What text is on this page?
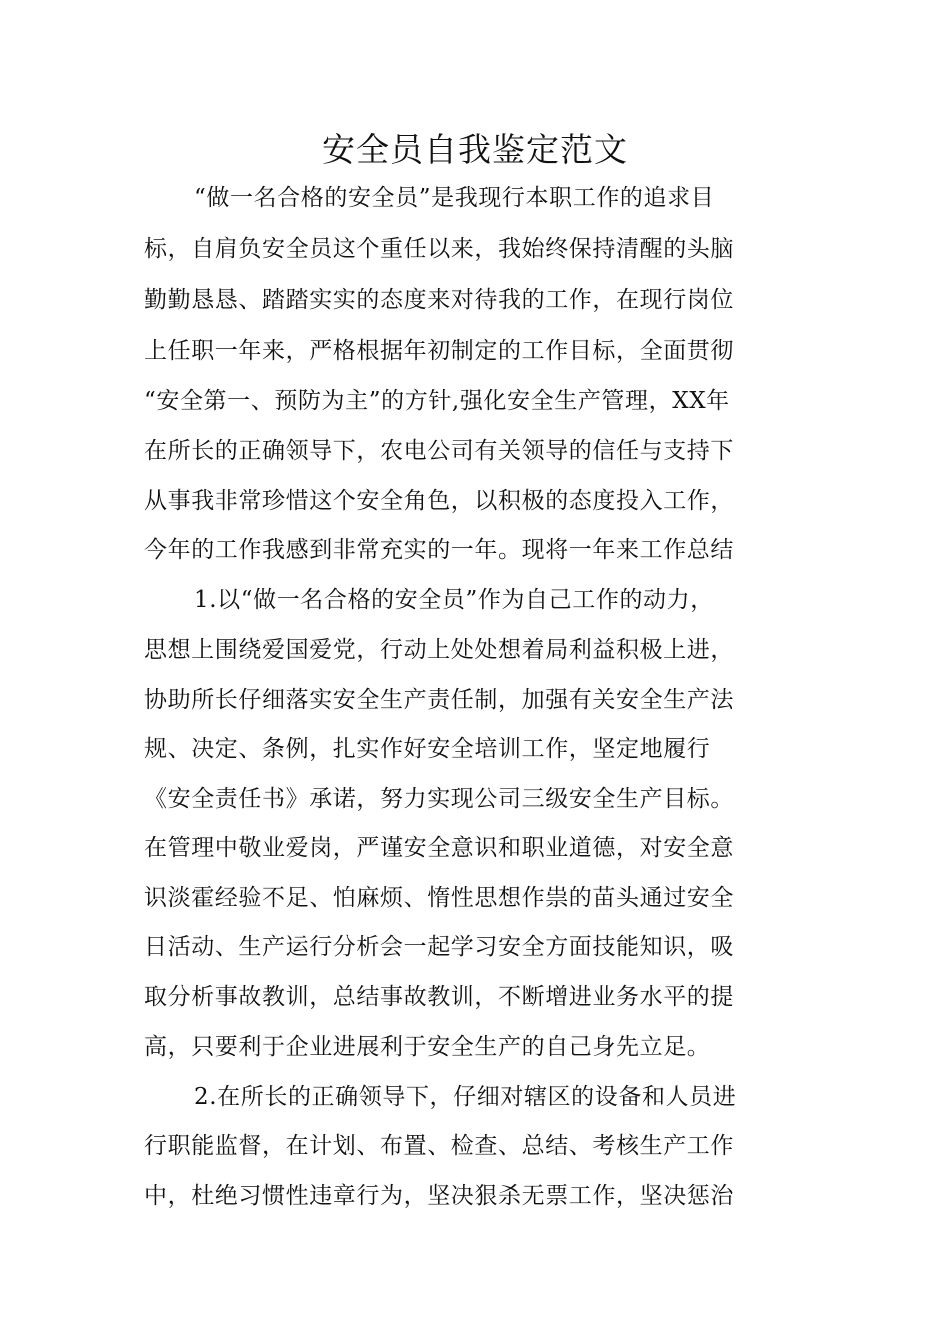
安全员自我鉴定范文
“做一名合格的安全员”是我现行本职工作的追求目
标，自肩负安全员这个重任以来，我始终保持清醒的头脑
勤勤恳恳、踏踏实实的态度来对待我的工作，在现行岗位
上任职一年来，严格根据年初制定的工作目标，全面贯彻
“安全第一、预防为主”的方针,强化安全生产管理，XX年
在所长的正确领导下，农电公司有关领导的信任与支持下
从事我非常珍惜这个安全角色，以积极的态度投入工作，
今年的工作我感到非常充实的一年。现将一年来工作总结
1.以“做一名合格的安全员”作为自己工作的动力，
思想上围绕爱国爱党，行动上处处想着局利益积极上进，
协助所长仔细落实安全生产责任制，加强有关安全生产法
规、决定、条例，扎实作好安全培训工作，坚定地履行
《安全责任书》承诺，努力实现公司三级安全生产目标。
在管理中敬业爱岗，严谨安全意识和职业道德，对安全意
识淡霍经验不足、怕麻烦、惰性思想作祟的苗头通过安全
日活动、生产运行分析会一起学习安全方面技能知识，吸
取分析事故教训，总结事故教训，不断增进业务水平的提
高，只要利于企业进展利于安全生产的自己身先立足。
2.在所长的正确领导下，仔细对辖区的设备和人员进
行职能监督，在计划、布置、检查、总结、考核生产工作
中，杜绝习惯性违章行为，坚决狠杀无票工作，坚决惩治
